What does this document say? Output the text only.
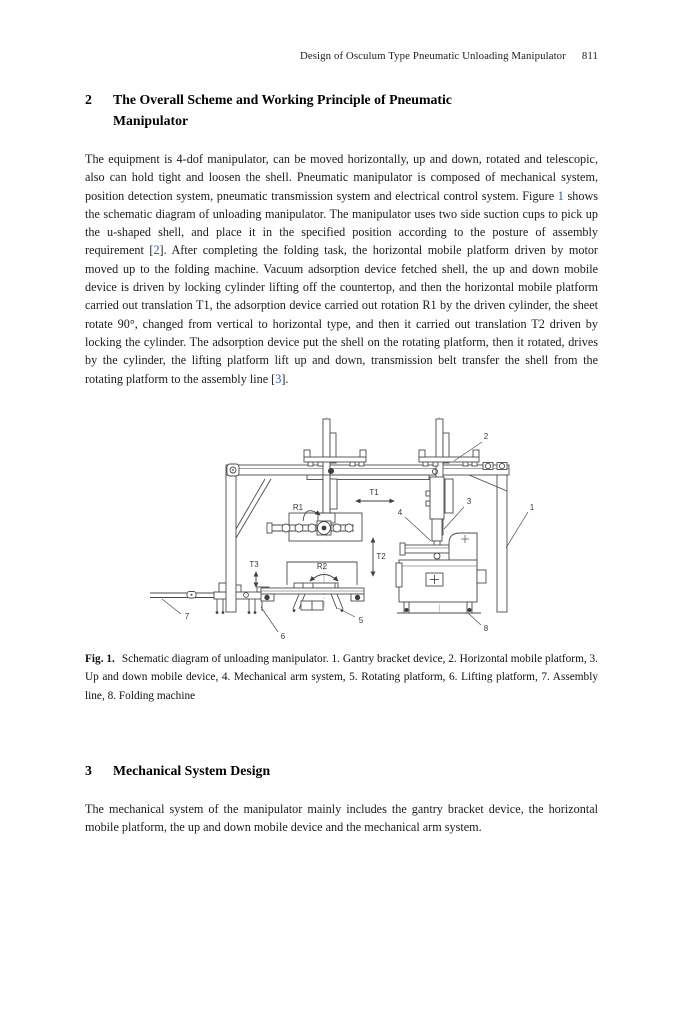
Design of Osculum Type Pneumatic Unloading Manipulator 811
2	The Overall Scheme and Working Principle of Pneumatic Manipulator

The equipment is 4-dof manipulator, can be moved horizontally, up and down, rotated and telescopic, also can hold tight and loosen the shell. Pneumatic manipulator is composed of mechanical system, position detection system, pneumatic transmission system and electrical control system. Figure 1 shows the schematic diagram of unloading manipulator. The manipulator uses two side suction cups to pick up the u-shaped shell, and place it in the specified position according to the posture of assembly requirement [2]. After completing the folding task, the horizontal mobile platform driven by motor moved up to the folding machine. Vacuum adsorption device fetched shell, the up and down mobile device is driven by locking cylinder lifting off the countertop, and then the horizontal mobile platform carried out translation T1, the adsorption device carried out rotation R1 by the driven cylinder, the sheet rotate 90°, changed from vertical to horizontal type, and then it carried out translation T2 driven by locking the cylinder. The adsorption device put the shell on the rotating platform, then it rotated, drives by the cylinder, the lifting platform lift up and down, transmission belt transfer the shell from the rotating platform to the assembly line [3].

T1
T2
T3
R1
R2
1
2
3
4
5
6
7
8
Fig. 1. Schematic diagram of unloading manipulator. 1. Gantry bracket device, 2. Horizontal mobile platform, 3. Up and down mobile device, 4. Mechanical arm system, 5. Rotating platform, 6. Lifting platform, 7. Assembly line, 8. Folding machine
3	Mechanical System Design

The mechanical system of the manipulator mainly includes the gantry bracket device, the horizontal mobile platform, the up and down mobile device and the mechanical arm system.
